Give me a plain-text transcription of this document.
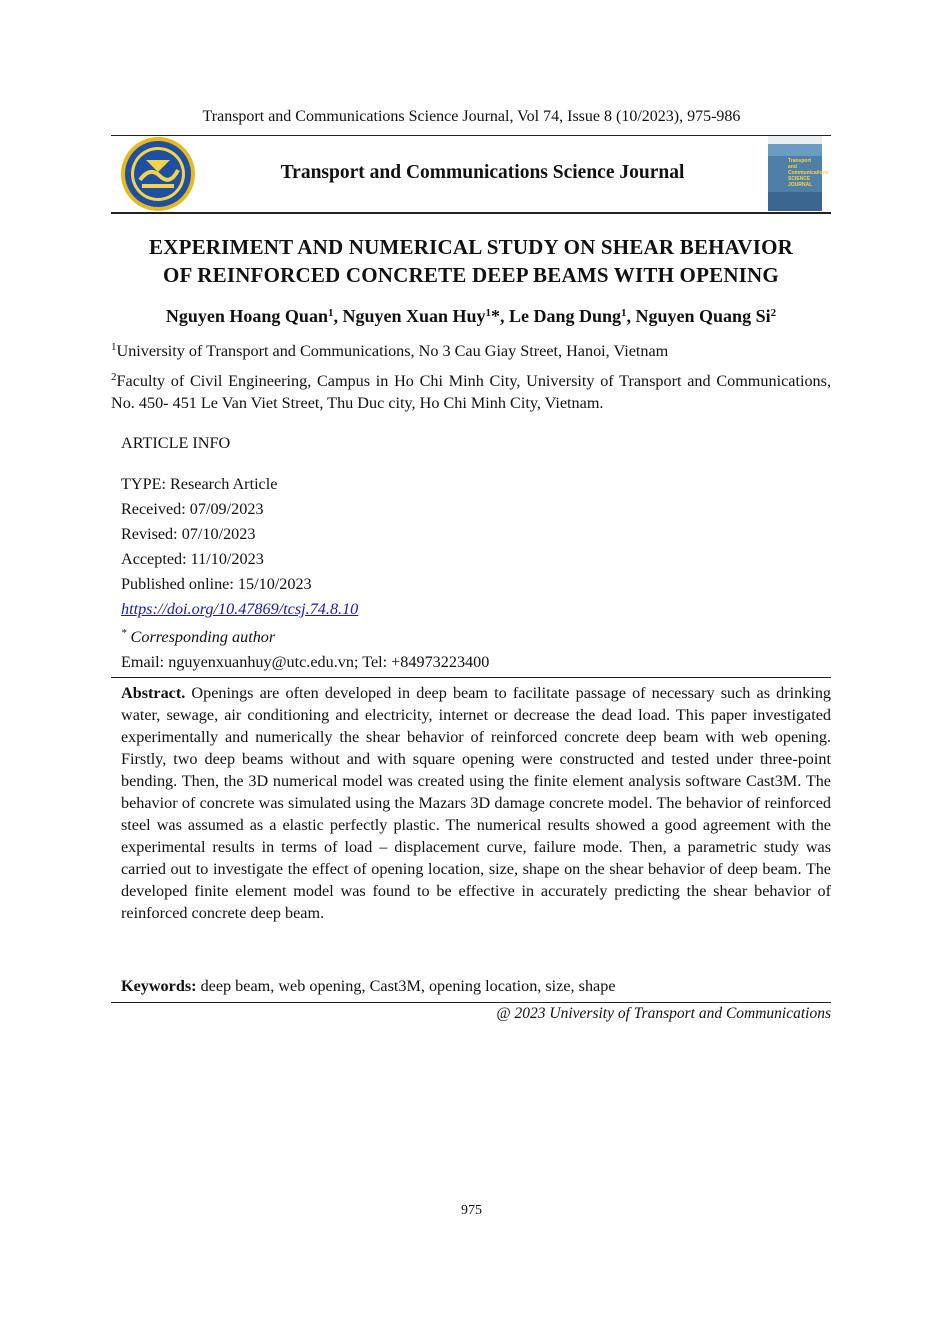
Transport and Communications Science Journal, Vol 74, Issue 8 (10/2023), 975-986
Transport and Communications Science Journal
Transport and Communications SCIENCE JOURNAL
EXPERIMENT AND NUMERICAL STUDY ON SHEAR BEHAVIOR
OF REINFORCED CONCRETE DEEP BEAMS WITH OPENING
Nguyen Hoang Quan$^1$, Nguyen Xuan Huy$^1$*, Le Dang Dung$^1$, Nguyen Quang Si$^2$
$^1$University of Transport and Communications, No 3 Cau Giay Street, Hanoi, Vietnam
$^2$Faculty of Civil Engineering, Campus in Ho Chi Minh City, University of Transport and Communications, No. 450- 451 Le Van Viet Street, Thu Duc city, Ho Chi Minh City, Vietnam.
ARTICLE INFO
TYPE: Research Article
Received: 07/09/2023
Revised: 07/10/2023
Accepted: 11/10/2023
Published online: 15/10/2023
https://doi.org/10.47869/tcsj.74.8.10
* Corresponding author
Email: nguyenxuanhuy@utc.edu.vn; Tel: +84973223400
Abstract. Openings are often developed in deep beam to facilitate passage of necessary such as drinking water, sewage, air conditioning and electricity, internet or decrease the dead load. This paper investigated experimentally and numerically the shear behavior of reinforced concrete deep beam with web opening. Firstly, two deep beams without and with square opening were constructed and tested under three-point bending. Then, the 3D numerical model was created using the finite element analysis software Cast3M. The behavior of concrete was simulated using the Mazars 3D damage concrete model. The behavior of reinforced steel was assumed as a elastic perfectly plastic. The numerical results showed a good agreement with the experimental results in terms of load – displacement curve, failure mode. Then, a parametric study was carried out to investigate the effect of opening location, size, shape on the shear behavior of deep beam. The developed finite element model was found to be effective in accurately predicting the shear behavior of reinforced concrete deep beam.
Keywords: deep beam, web opening, Cast3M, opening location, size, shape
@ 2023 University of Transport and Communications
975
